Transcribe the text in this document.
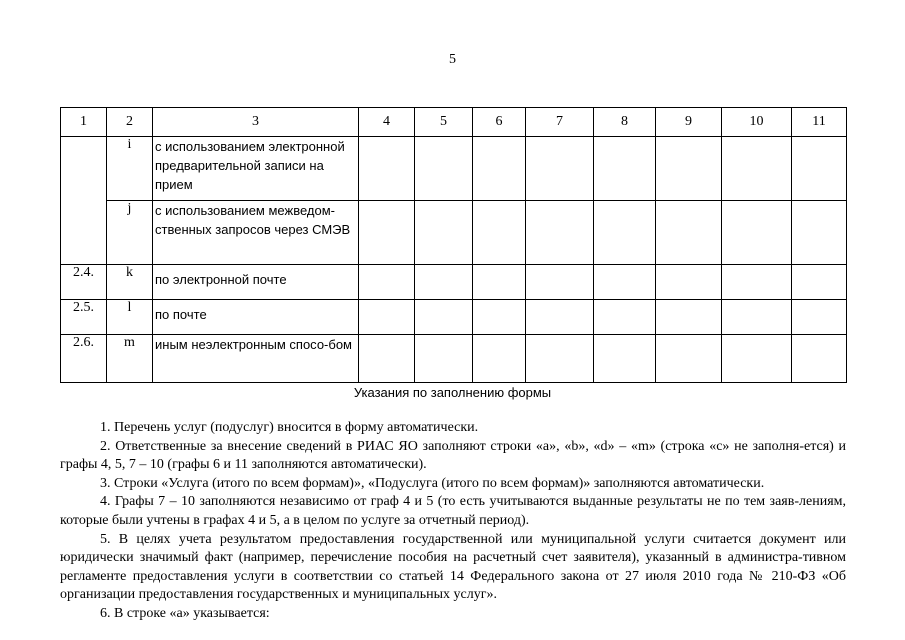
5
1	2	3	4	5	6	7	8	9	10	11
	i	с использованием электронной предварительной записи на прием								
	j	с использованием межведом-ственных запросов через СМЭВ								
2.4.	k	по электронной почте								
2.5.	l	по почте								
2.6.	m	иным неэлектронным спосо-бом								
Указания по заполнению формы

1. Перечень услуг (подуслуг) вносится в форму автоматически.

2. Ответственные за внесение сведений в РИАС ЯО заполняют строки «a», «b», «d» – «m» (строка «c» не заполня-ется) и графы 4, 5, 7 – 10 (графы 6 и 11 заполняются автоматически).

3. Строки «Услуга (итого по всем формам)», «Подуслуга (итого по всем формам)» заполняются автоматически.

4. Графы 7 – 10 заполняются независимо от граф 4 и 5 (то есть учитываются выданные результаты не по тем заяв-лениям, которые были учтены в графах 4 и 5, а в целом по услуге за отчетный период).

5. В целях учета результатом предоставления государственной или муниципальной услуги считается документ или юридически значимый факт (например, перечисление пособия на расчетный счет заявителя), указанный в администра-тивном регламенте предоставления услуги в соответствии со статьей 14 Федерального закона от 27 июля 2010 года № 210-ФЗ «Об организации предоставления государственных и муниципальных услуг».

6. В строке «a» указывается:
